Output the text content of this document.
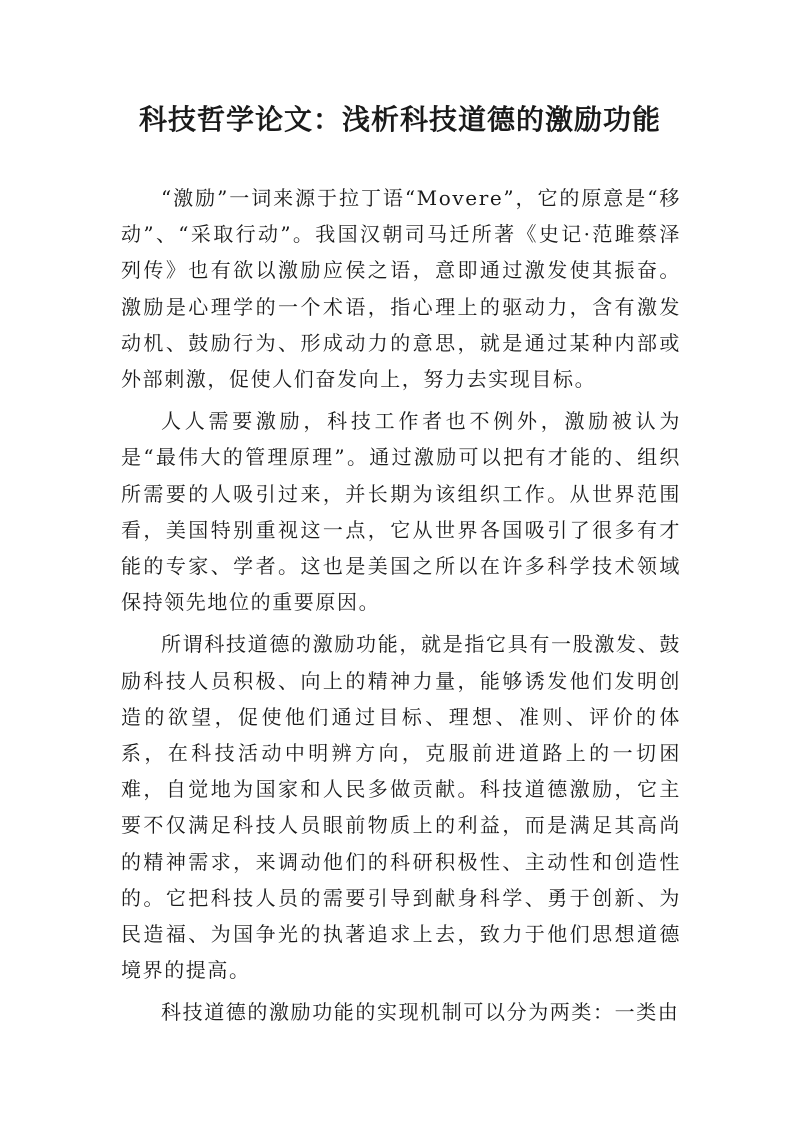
科技哲学论文：浅析科技道德的激励功能

“激励”一词来源于拉丁语“Movere”，它的原意是“移动”、“采取行动”。我国汉朝司马迁所著《史记·范雎蔡泽列传》也有欲以激励应侯之语，意即通过激发使其振奋。激励是心理学的一个术语，指心理上的驱动力，含有激发动机、鼓励行为、形成动力的意思，就是通过某种内部或外部刺激，促使人们奋发向上，努力去实现目标。

人人需要激励，科技工作者也不例外，激励被认为是“最伟大的管理原理”。通过激励可以把有才能的、组织所需要的人吸引过来，并长期为该组织工作。从世界范围看，美国特别重视这一点，它从世界各国吸引了很多有才能的专家、学者。这也是美国之所以在许多科学技术领域保持领先地位的重要原因。

所谓科技道德的激励功能，就是指它具有一股激发、鼓励科技人员积极、向上的精神力量，能够诱发他们发明创造的欲望，促使他们通过目标、理想、准则、评价的体系，在科技活动中明辨方向，克服前进道路上的一切困难，自觉地为国家和人民多做贡献。科技道德激励，它主要不仅满足科技人员眼前物质上的利益，而是满足其高尚的精神需求，来调动他们的科研积极性、主动性和创造性的。它把科技人员的需要引导到献身科学、勇于创新、为民造福、为国争光的执著追求上去，致力于他们思想道德境界的提高。

科技道德的激励功能的实现机制可以分为两类：一类由
